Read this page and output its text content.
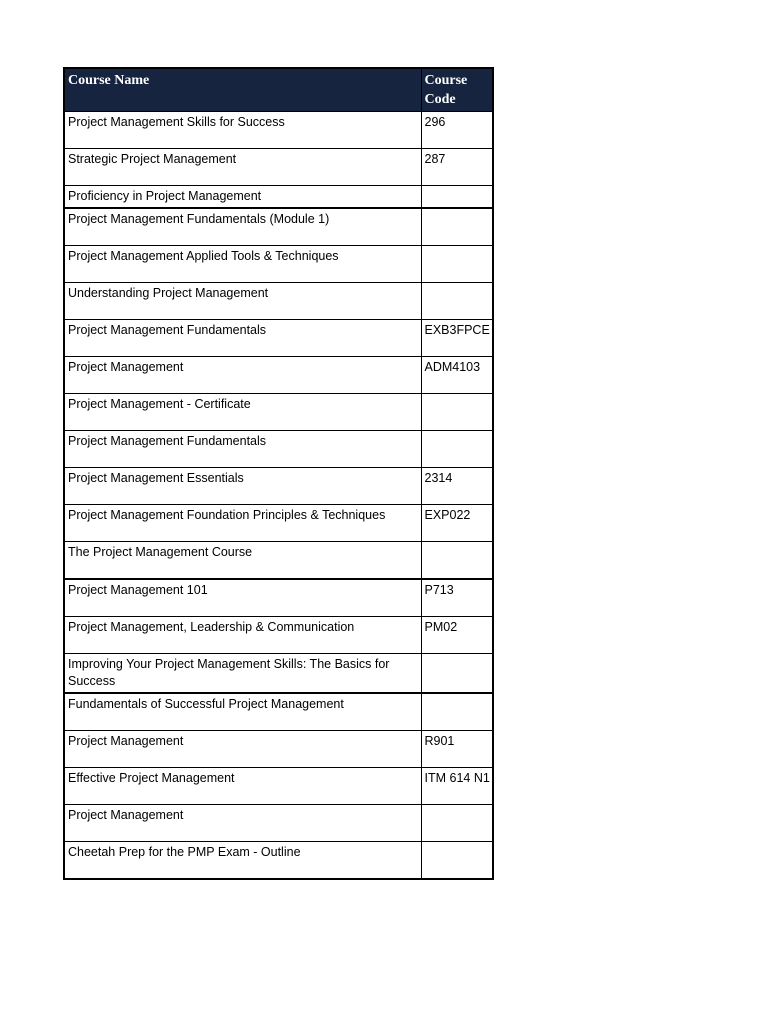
Course Name	Course Code
Project Management Skills for Success	296
Strategic Project Management	287
Proficiency in Project Management	
Project Management Fundamentals (Module 1)	
Project Management Applied Tools & Techniques	
Understanding Project Management	
Project Management Fundamentals	EXB3FPCE
Project Management	ADM4103
Project Management - Certificate	
Project Management Fundamentals	
Project Management Essentials	2314
Project Management Foundation Principles & Techniques	EXP022
The Project Management Course	
Project Management 101	P713
Project Management, Leadership & Communication	PM02
Improving Your Project Management Skills: The Basics for Success	
Fundamentals of Successful Project Management	
Project Management	R901
Effective Project Management	ITM 614 N1
Project Management	
Cheetah Prep for the PMP Exam - Outline	
